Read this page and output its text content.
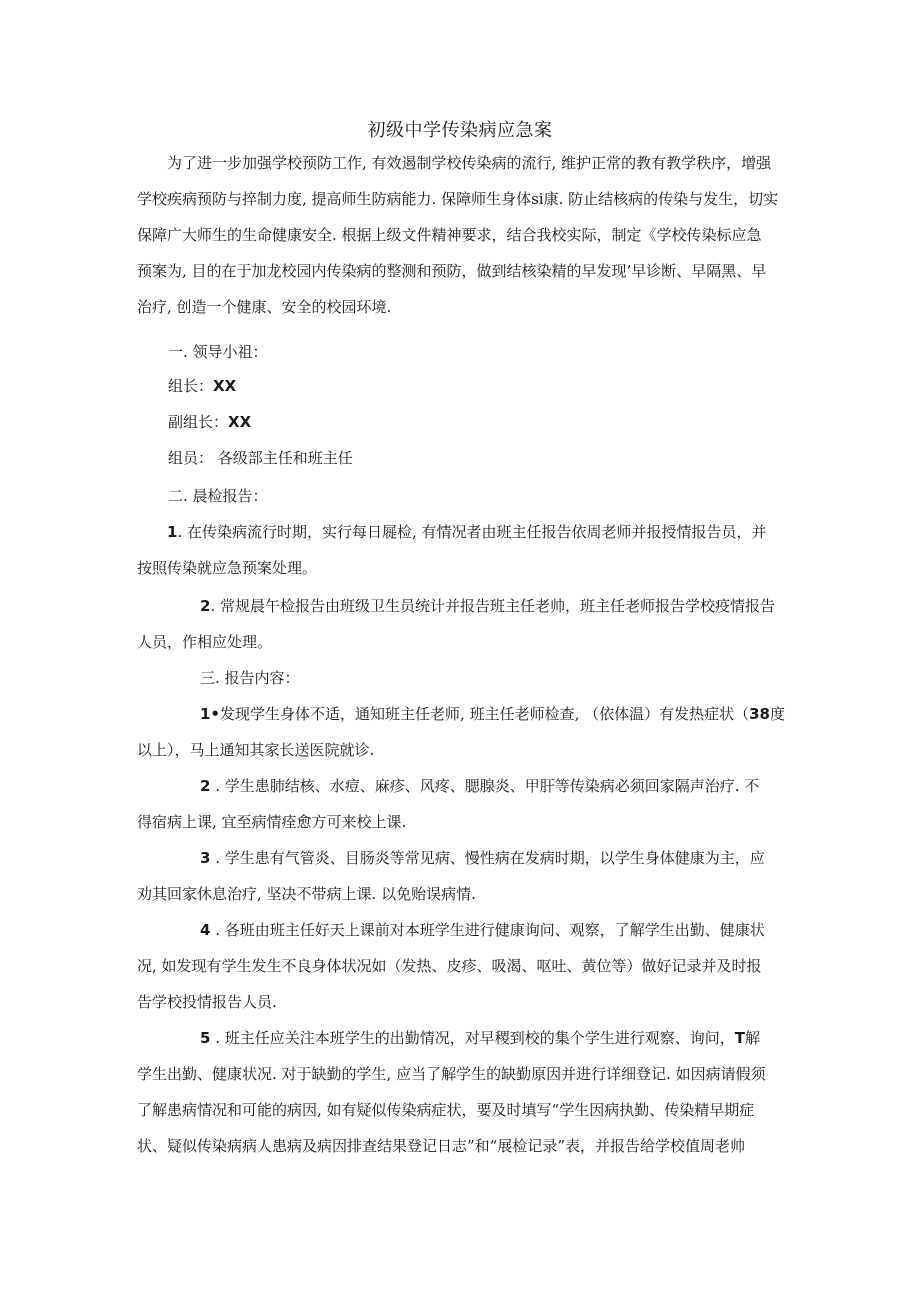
初级中学传染病应急案
为了进一步加强学校预防工作, 有效遏制学校传染病的流行, 维护正常的教有教学秩序，增强
学校疾病预防与捽制力度, 提高师生防病能力. 保障师生身体si康. 防止结核病的传染与发生，切实
保障广大师生的生命健康安全. 根据上级文件精神要求，结合我校实际，制定《学校传染标应急
预案为, 目的在于加龙校园内传染病的整测和预防，做到结核染精的早发现’早诊断、早隔黑、早
治疗, 创造一个健康、安全的校园环境.
一. 领导小祖：
组长：XX
副组长：XX
组员： 各级部主任和班主任
二. 晨检报告：
1. 在传染病流行时期，实行每日屣检, 有情况者由班主任报告依周老师并报授情报告员，并
按照传染就应急预案处理。
2. 常规晨午检报告由班级卫生员统计并报告班主任老帅，班主任老师报告学校疫情报告
人员，作相应处理。
三. 报告内容：
1•发现学生身体不适，通知班主任老师, 班主任老师检查, （依体温）有发热症状（38度
以上），马上通知其家长送医院就诊.
2 . 学生患肺结核、水痘、麻疹、风疼、腮腺炎、甲肝等传染病必须回家隔声治疗. 不
得宿病上课, 宜至病情痊愈方可来校上课.
3 . 学生患有气管炎、目肠炎等常见病、慢性病在发病时期，以学生身体健康为主，应
劝其回家休息治疗, 坚决不带病上课. 以免贻误病情.
4 . 各班由班主任好天上课前对本班学生进行健康询问、观察，了解学生出勤、健康状
况, 如发现有学生发生不良身体状况如（发热、皮疹、吸渴、呕吐、黄位等）做好记录并及时报
告学校投情报告人员.
5 . 班主任应关注本班学生的出勤情况，对早稷到校的集个学生进行观察、询问，T解
学生出勤、健康状况. 对于缺勤的学生, 应当了解学生的缺勤原因并进行详细登记. 如因病请假须
了解患病情况和可能的病因, 如有疑似传染病症状，要及时填写“学生因病执勤、传染精早期症
状、疑似传染病病人患病及病因排查结果登记日志”和“展检记录”表，并报告给学校值周老帅
